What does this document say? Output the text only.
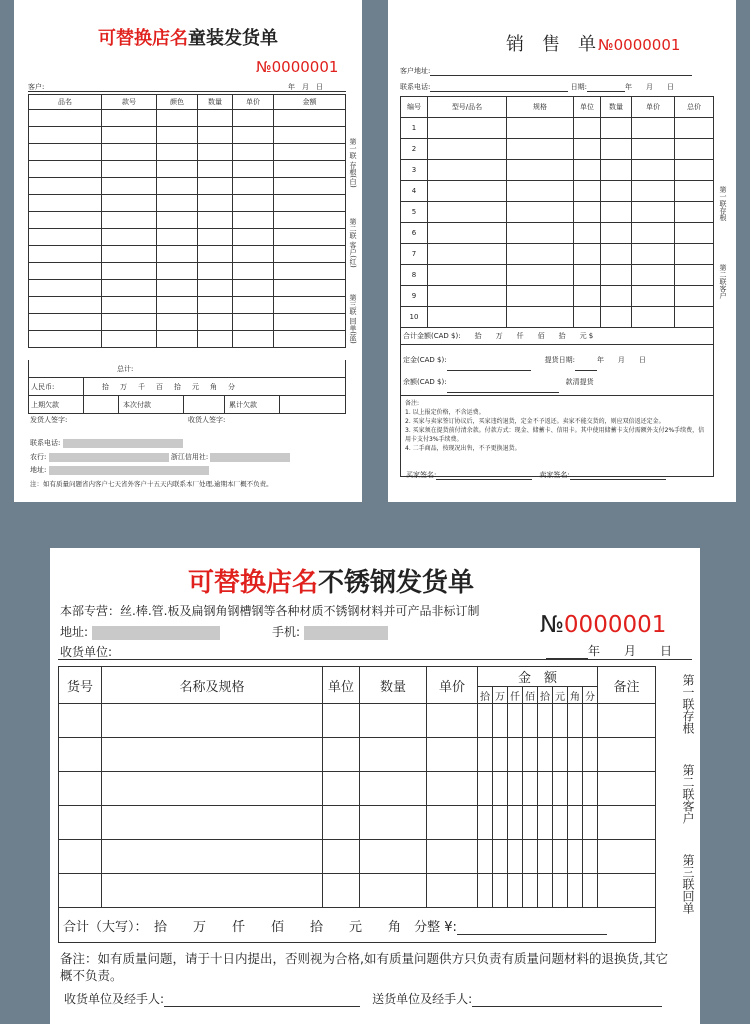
可替换店名童装发货单
№0000001
客户:	年　月　日
品名	款号	颜色	数量	单价	金额

总计:					
人民币:	拾　万　千　百　拾　元　角　分				
上期欠款		本次付款		累计欠款	
发货人签字:	收货人签字:
联系电话:
农行:	浙江信用社:
地址:
注：如有质量问题省内客户七天省外客户十五天内联系本厂处理,逾期本厂概不负责。
第一联 存根(白)
第二联 客户(红)
第三联 回单(蓝)
销　售　单 №0000001
客户地址:
联系电话:	日期:	年　　月　　日
编号	型号/品名	规格	单位	数量	单价	总价
1						
2						
3						
4						
5						
6						
7						
8						
9						
10						
合计金额(CAD $):　　 拾　　万　　仟　　佰　　拾　　元 $						

定金(CAD $):　　 提货日期: 年　　月　　日
余额(CAD $):　 款清提货						

备注:
1. 以上报定价格，不含运费。
2. 买家与卖家签订协议后，买家违约退货，定金不予返还。卖家不能交货的，则应双倍返还定金。
3. 买家须在提货前付清余款。付款方式：现金、储蓄卡、信用卡。其中使用储蓄卡支付需额外支付2%手续费，信用卡支付3%手续费。
4. 二手商品，按现况出售，不予更换退货。						
买家签名:　	卖家签名:
第一联存根
第二联客户
可替换店名不锈钢发货单
本部专营：丝.棒.管.板及扁钢角钢槽钢等各种材质不锈钢材料并可产品非标订制
地址:	手机:	№0000001
收货单位:	年　　月　　日
货号	名称及规格	单位	数量	单价	金　额								备注
					拾	万	仟	佰	拾	元	角	分	

合计（大写）：　 拾　　万　　仟　　佰　　拾　　元　　角　 分整 ¥:													
第一联存根
第二联客户
第三联回单
备注：如有质量问题，请于十日内提出，否则视为合格,如有质量问题供方只负责有质量问题材料的退换货,其它概不负责。
收货单位及经手人:　	送货单位及经手人:
